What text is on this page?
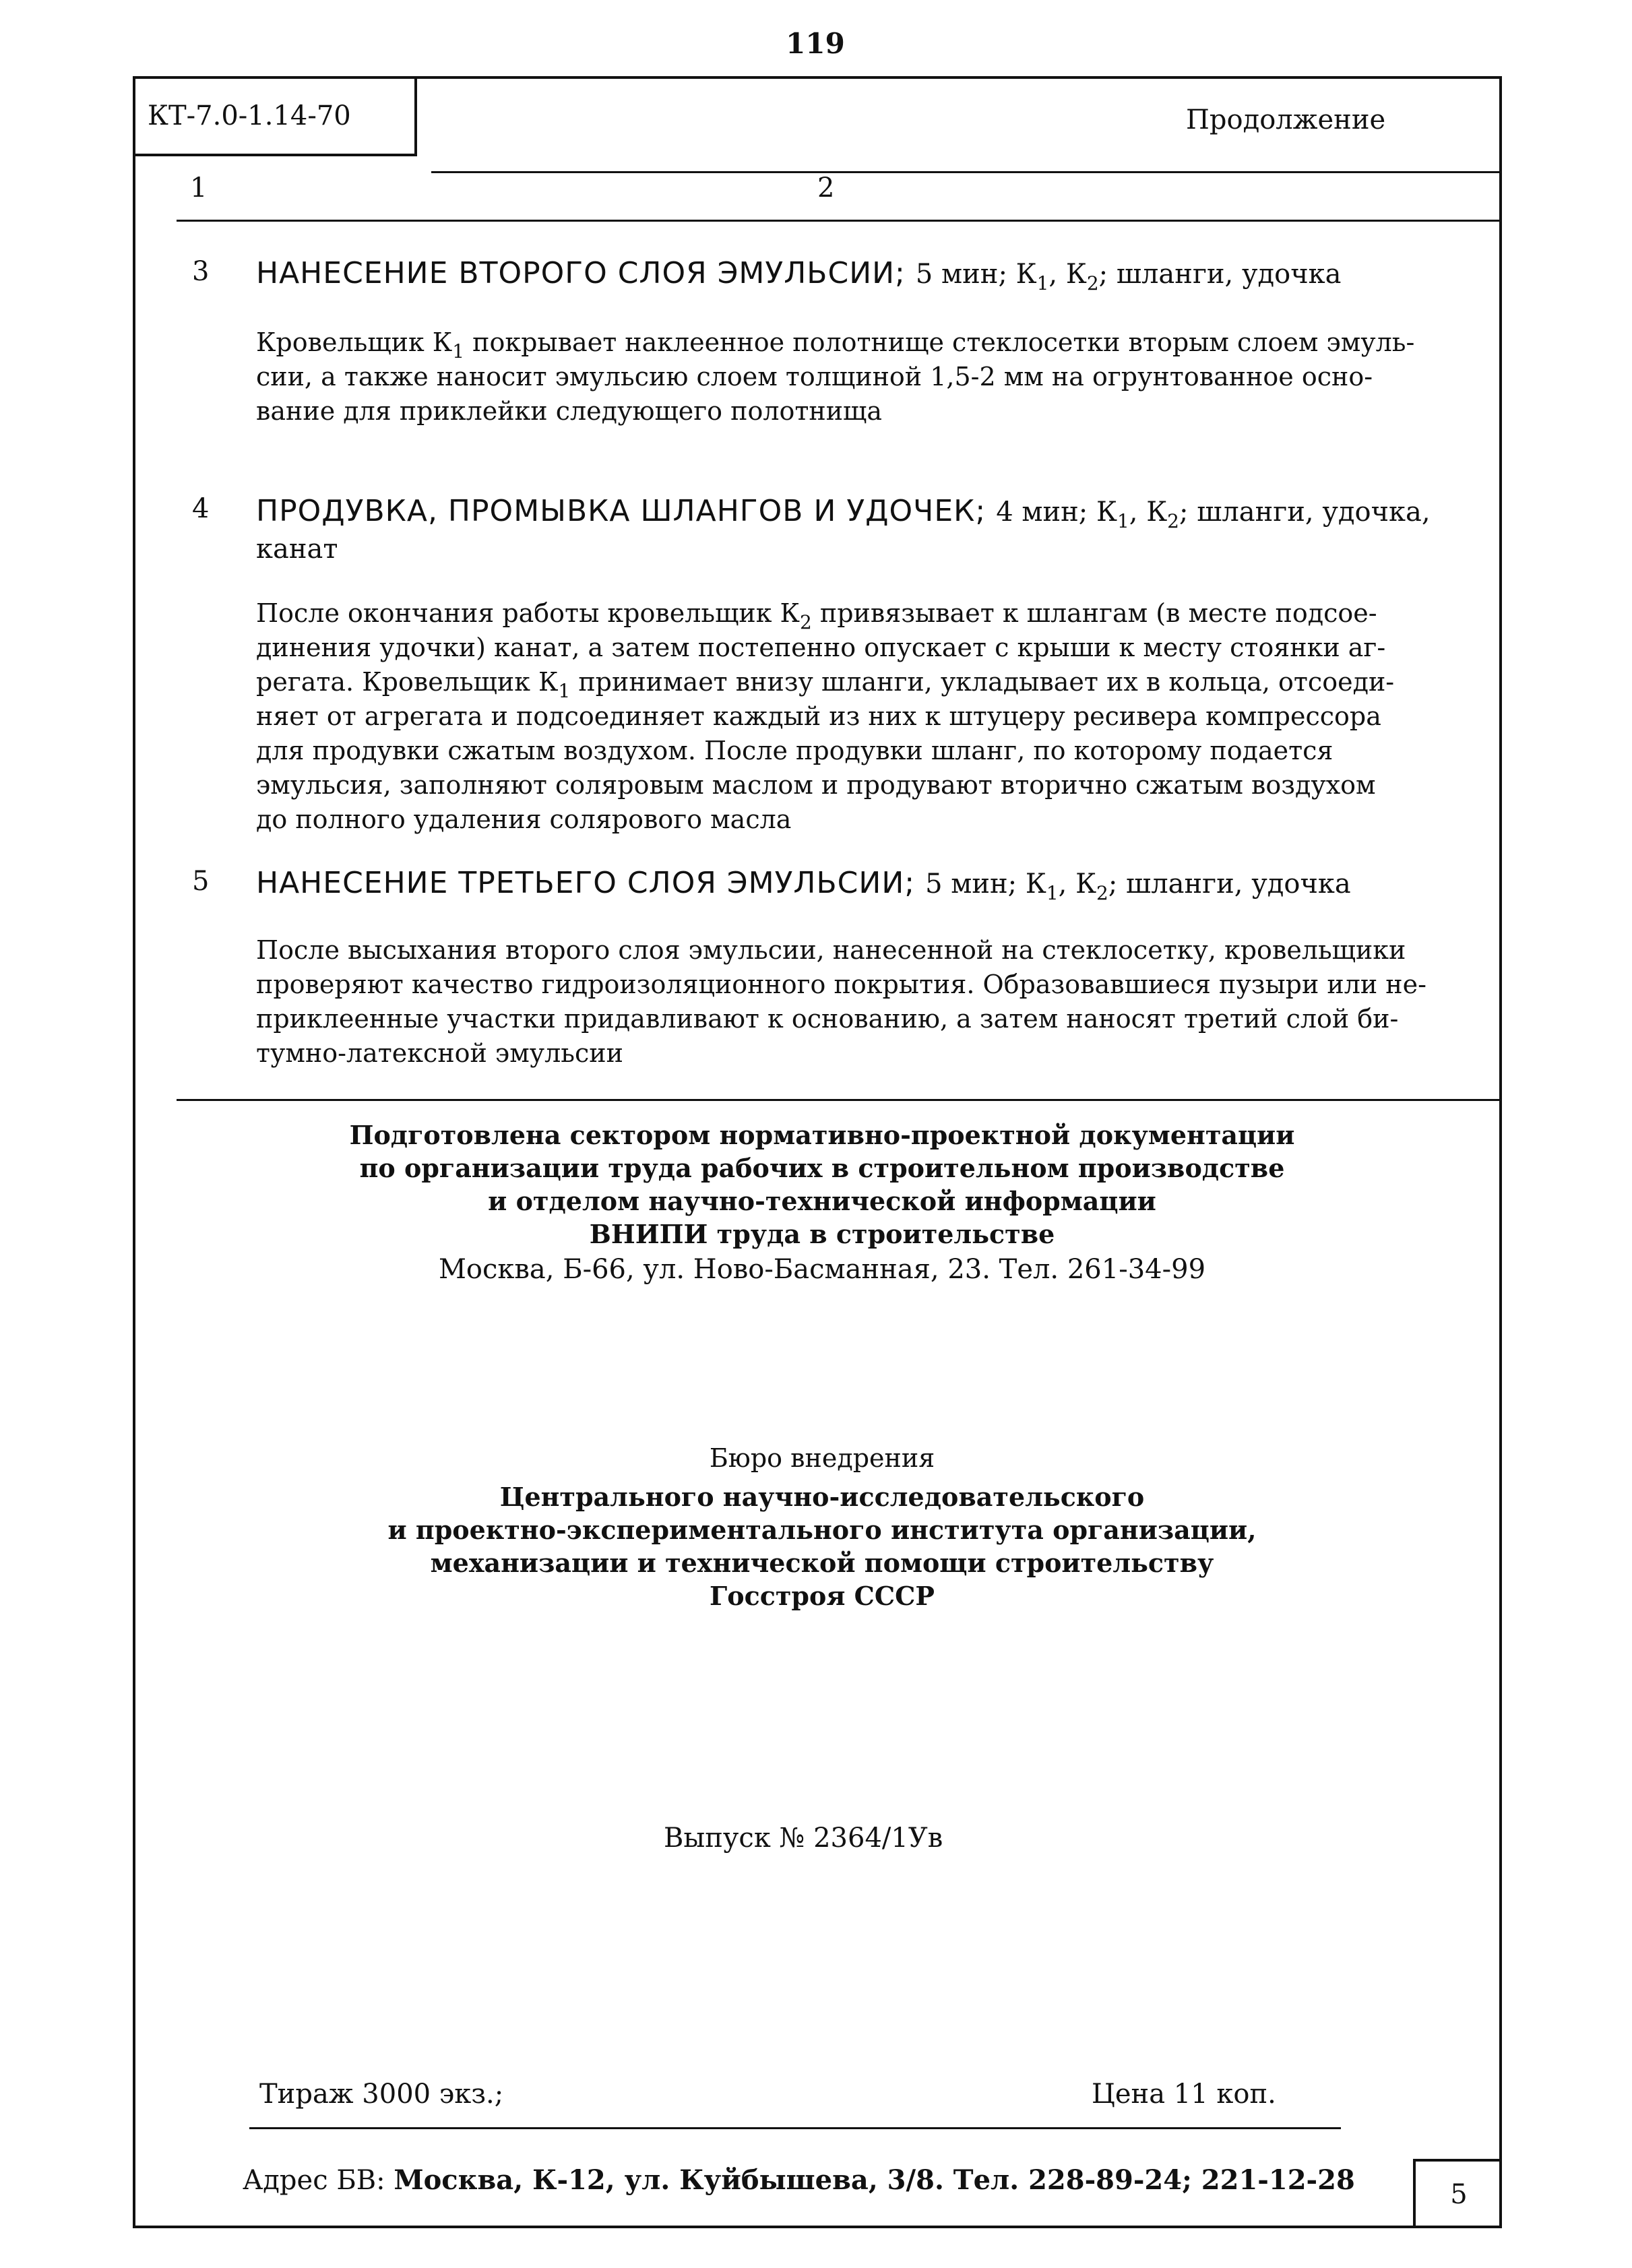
119
КТ-7.0-1.14-70	Продолжение
1	2
3 НАНЕСЕНИЕ ВТОРОГО СЛОЯ ЭМУЛЬСИИ; 5 мин; $К_1$, $К_2$; шланги, удочка

Кровельщик $К_1$ покрывает наклеенное полотнище стеклосетки вторым слоем эмуль-

сии, а также наносит эмульсию слоем толщиной 1,5-2 мм на огрунтованное осно-

вание для приклейки следующего полотнища

4 ПРОДУВКА, ПРОМЫВКА ШЛАНГОВ И УДОЧЕК; 4 мин; $К_1$, $К_2$; шланги, удочка, канат

После окончания работы кровельщик $К_2$ привязывает к шлангам (в месте подсое-

динения удочки) канат, а затем постепенно опускает с крыши к месту стоянки аг-

регата. Кровельщик $К_1$ принимает внизу шланги, укладывает их в кольца, отсоеди-

няет от агрегата и подсоединяет каждый из них к штуцеру ресивера компрессора

для продувки сжатым воздухом. После продувки шланг, по которому подается

эмульсия, заполняют соляровым маслом и продувают вторично сжатым воздухом

до полного удаления солярового масла

5 НАНЕСЕНИЕ ТРЕТЬЕГО СЛОЯ ЭМУЛЬСИИ; 5 мин; $К_1$, $К_2$; шланги, удочка

После высыхания второго слоя эмульсии, нанесенной на стеклосетку, кровельщики

проверяют качество гидроизоляционного покрытия. Образовавшиеся пузыри или не-

приклеенные участки придавливают к основанию, а затем наносят третий слой би-

тумно-латексной эмульсии

Подготовлена сектором нормативно-проектной документации
по организации труда рабочих в строительном производстве
и отделом научно-технической информации
ВНИПИ труда в строительстве
Москва, Б-66, ул. Ново-Басманная, 23. Тел. 261-34-99
Бюро внедрения
Центрального научно-исследовательского
и проектно-экспериментального института организации,
механизации и технической помощи строительству
Госстроя СССР
Выпуск № 2364/1Ув
Тираж 3000 экз.;	Цена 11 коп.
Адрес БВ: Москва, К-12, ул. Куйбышева, 3/8. Тел. 228-89-24; 221-12-28	5
